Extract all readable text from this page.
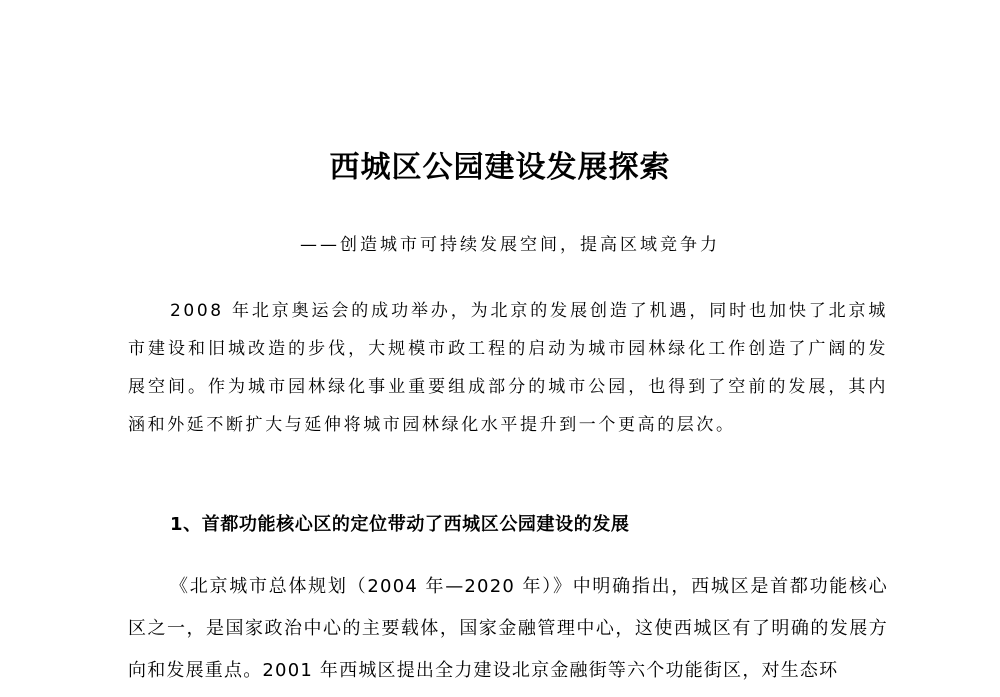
西城区公园建设发展探索
——创造城市可持续发展空间，提高区域竞争力

2008 年北京奥运会的成功举办，为北京的发展创造了机遇，同时也加快了北京城市建设和旧城改造的步伐，大规模市政工程的启动为城市园林绿化工作创造了广阔的发展空间。作为城市园林绿化事业重要组成部分的城市公园，也得到了空前的发展，其内涵和外延不断扩大与延伸将城市园林绿化水平提升到一个更高的层次。

1、首都功能核心区的定位带动了西城区公园建设的发展

《北京城市总体规划（2004 年—2020 年）》中明确指出，西城区是首都功能核心区之一，是国家政治中心的主要载体，国家金融管理中心，这使西城区有了明确的发展方向和发展重点。2001 年西城区提出全力建设北京金融街等六个功能街区，对生态环
